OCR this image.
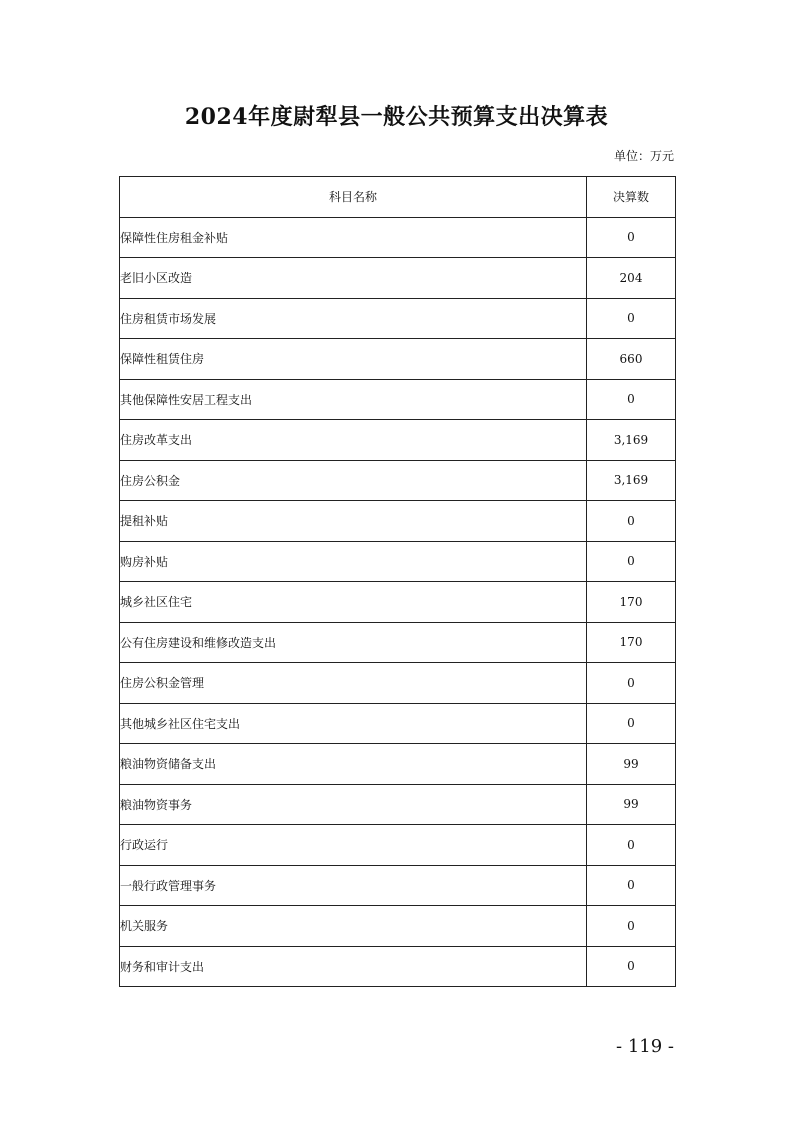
2024年度尉犁县一般公共预算支出决算表
单位：万元
科目名称	决算数
保障性住房租金补贴	0
老旧小区改造	204
住房租赁市场发展	0
保障性租赁住房	660
其他保障性安居工程支出	0
住房改革支出	3,169
住房公积金	3,169
提租补贴	0
购房补贴	0
城乡社区住宅	170
公有住房建设和维修改造支出	170
住房公积金管理	0
其他城乡社区住宅支出	0
粮油物资储备支出	99
粮油物资事务	99
行政运行	0
一般行政管理事务	0
机关服务	0
财务和审计支出	0
- 119 -
